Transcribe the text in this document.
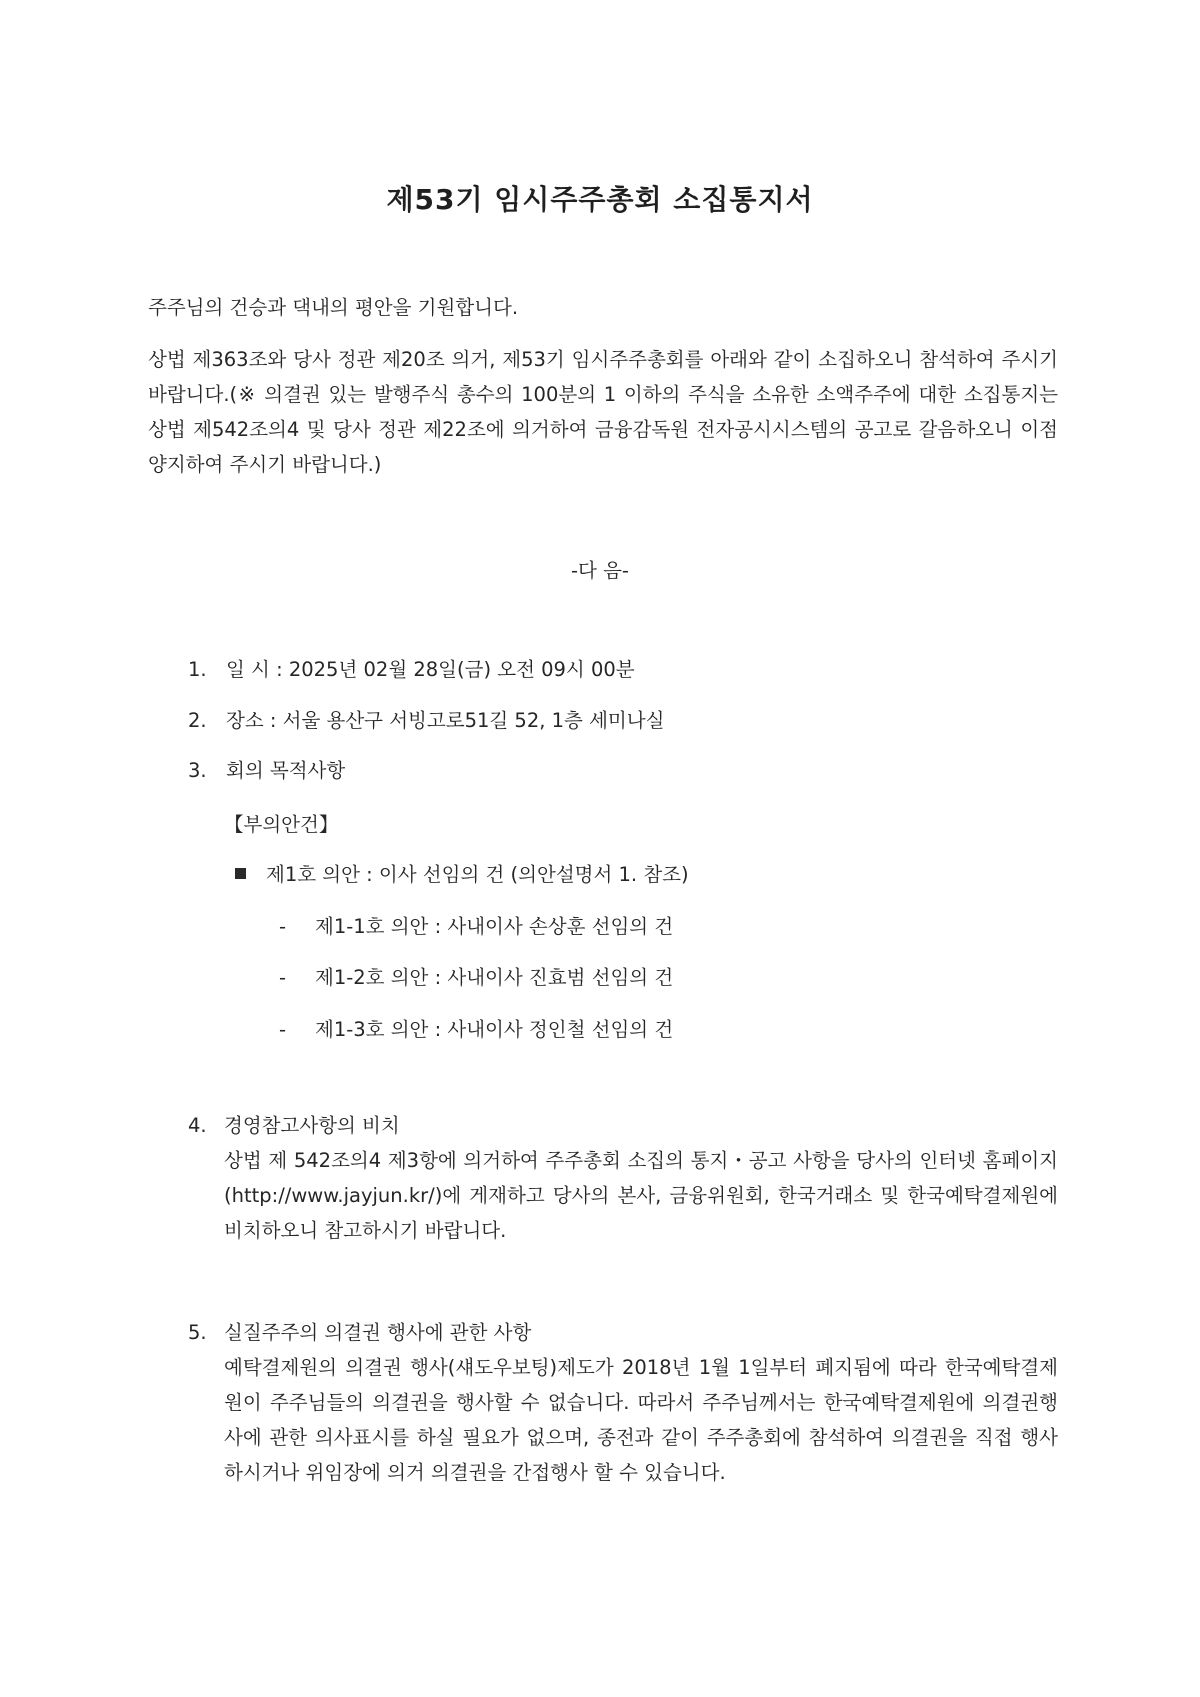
제53기 임시주주총회 소집통지서
주주님의 건승과 댁내의 평안을 기원합니다.
상법 제363조와 당사 정관 제20조 의거, 제53기 임시주주총회를 아래와 같이 소집하오니 참석하여 주시기 바랍니다.(※ 의결권 있는 발행주식 총수의 100분의 1 이하의 주식을 소유한 소액주주에 대한 소집통지는 상법 제542조의4 및 당사 정관 제22조에 의거하여 금융감독원 전자공시시스템의 공고로 갈음하오니 이점 양지하여 주시기 바랍니다.)
-다 음-
1. 일 시 : 2025년 02월 28일(금) 오전 09시 00분
2. 장소 : 서울 용산구 서빙고로51길 52, 1층 세미나실
3. 회의 목적사항
【부의안건】
제1호 의안 : 이사 선임의 건 (의안설명서 1. 참조)
- 제1-1호 의안 : 사내이사 손상훈 선임의 건
- 제1-2호 의안 : 사내이사 진효범 선임의 건
- 제1-3호 의안 : 사내이사 정인철 선임의 건
4. 경영참고사항의 비치
상법 제 542조의4 제3항에 의거하여 주주총회 소집의 통지・공고 사항을 당사의 인터넷 홈페이지(http://www.jayjun.kr/)에 게재하고 당사의 본사, 금융위원회, 한국거래소 및 한국예탁결제원에 비치하오니 참고하시기 바랍니다.
5. 실질주주의 의결권 행사에 관한 사항
예탁결제원의 의결권 행사(섀도우보팅)제도가 2018년 1월 1일부터 폐지됨에 따라 한국예탁결제원이 주주님들의 의결권을 행사할 수 없습니다. 따라서 주주님께서는 한국예탁결제원에 의결권행사에 관한 의사표시를 하실 필요가 없으며, 종전과 같이 주주총회에 참석하여 의결권을 직접 행사하시거나 위임장에 의거 의결권을 간접행사 할 수 있습니다.
